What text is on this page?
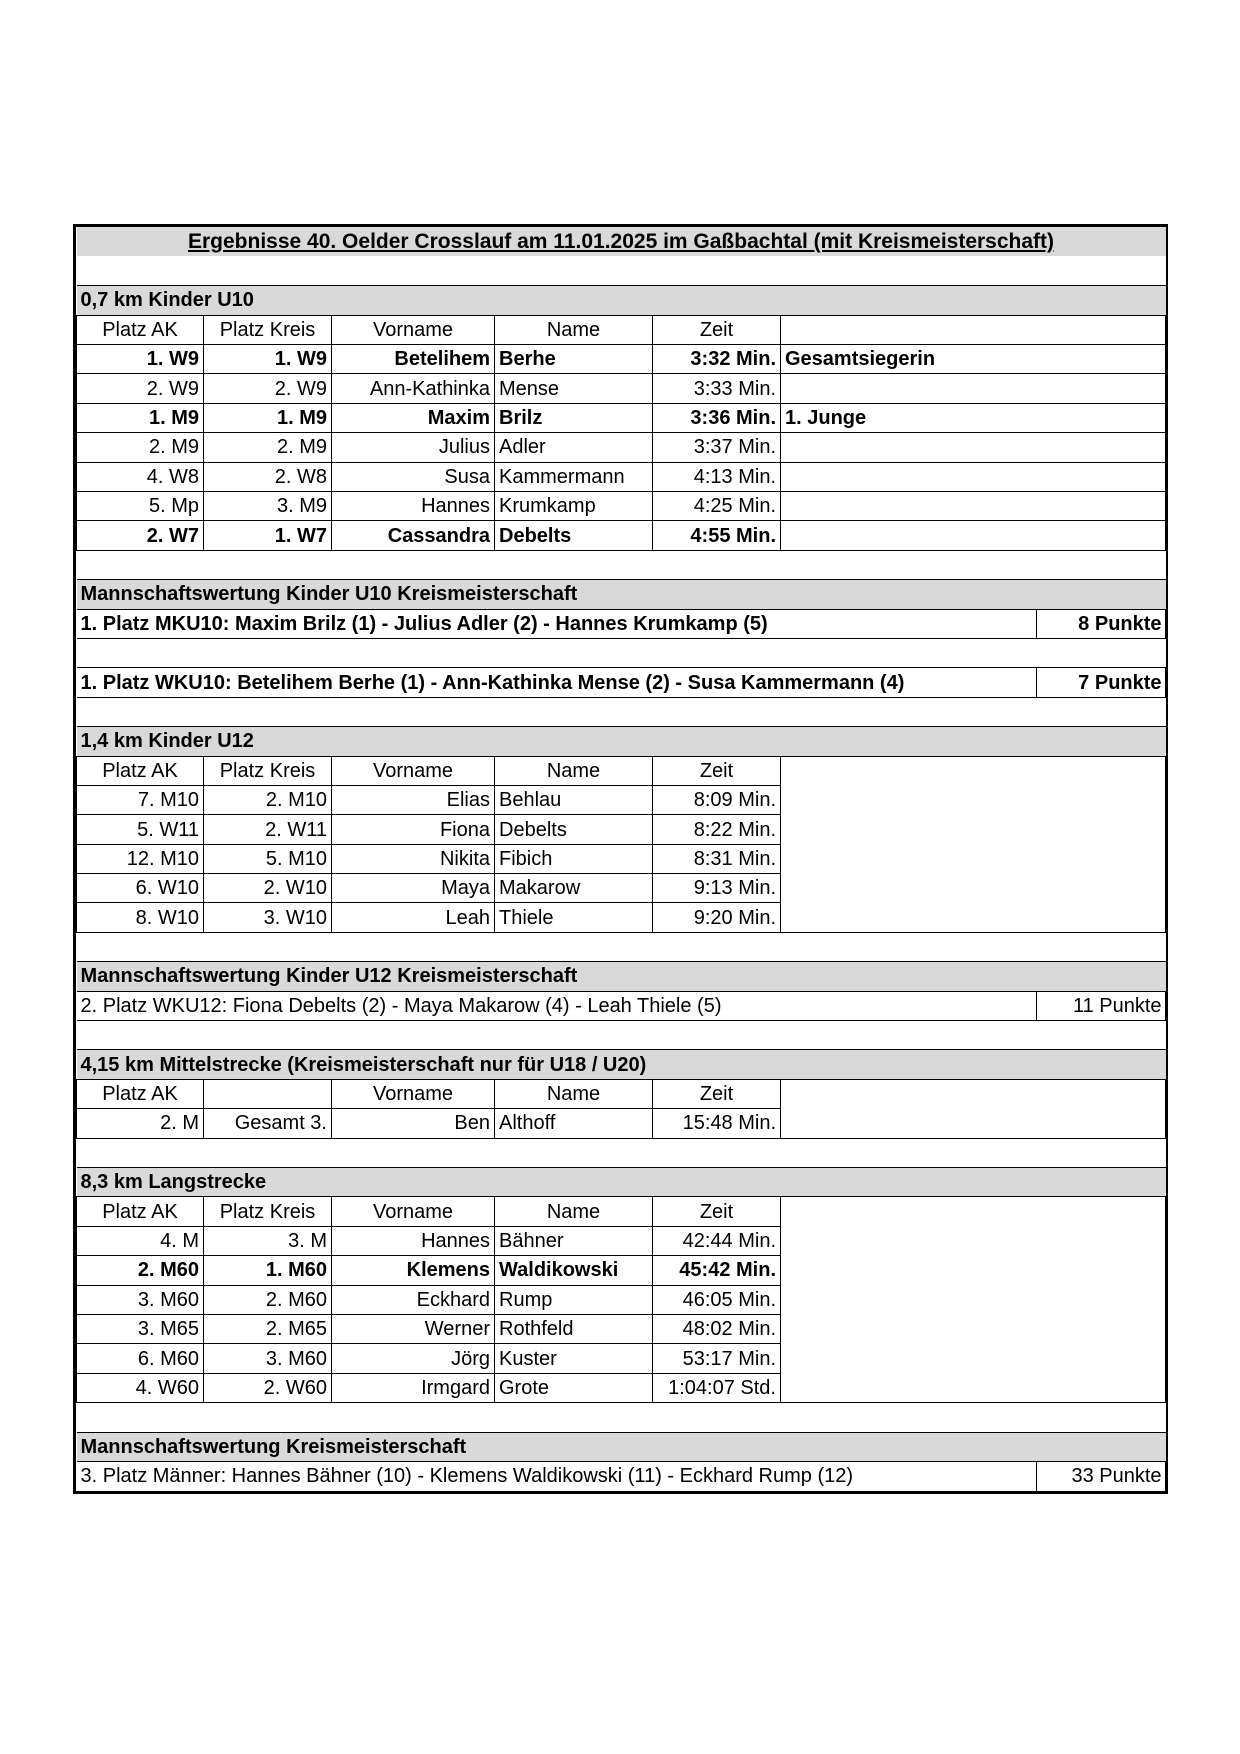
Ergebnisse 40. Oelder Crosslauf am 11.01.2025 im Gaßbachtal (mit Kreismeisterschaft)						

0,7 km Kinder U10						
Platz AK	Platz Kreis	Vorname	Name	Zeit		
1. W9	1. W9	Betelihem	Berhe	3:32 Min.	Gesamtsiegerin	
2. W9	2. W9	Ann-Kathinka	Mense	3:33 Min.		
1. M9	1. M9	Maxim	Brilz	3:36 Min.	1. Junge	
2. M9	2. M9	Julius	Adler	3:37 Min.		
4. W8	2. W8	Susa	Kammermann	4:13 Min.		
5. Mp	3. M9	Hannes	Krumkamp	4:25 Min.		
2. W7	1. W7	Cassandra	Debelts	4:55 Min.		

Mannschaftswertung Kinder U10 Kreismeisterschaft						
1. Platz MKU10: Maxim Brilz (1) - Julius Adler (2) - Hannes Krumkamp (5)						8 Punkte

1. Platz WKU10: Betelihem Berhe (1) - Ann-Kathinka Mense (2) - Susa Kammermann (4)						7 Punkte

1,4 km Kinder U12						
Platz AK	Platz Kreis	Vorname	Name	Zeit		
7. M10	2. M10	Elias	Behlau	8:09 Min.		
5. W11	2. W11	Fiona	Debelts	8:22 Min.		
12. M10	5. M10	Nikita	Fibich	8:31 Min.		
6. W10	2. W10	Maya	Makarow	9:13 Min.		
8. W10	3. W10	Leah	Thiele	9:20 Min.		

Mannschaftswertung Kinder U12 Kreismeisterschaft						
2. Platz WKU12: Fiona Debelts (2) - Maya Makarow (4) - Leah Thiele (5)						11 Punkte

4,15 km Mittelstrecke (Kreismeisterschaft nur für U18 / U20)						
Platz AK		Vorname	Name	Zeit		
2. M	Gesamt 3.	Ben	Althoff	15:48 Min.		

8,3 km Langstrecke						
Platz AK	Platz Kreis	Vorname	Name	Zeit		
4. M	3. M	Hannes	Bähner	42:44 Min.		
2. M60	1. M60	Klemens	Waldikowski	45:42 Min.		
3. M60	2. M60	Eckhard	Rump	46:05 Min.		
3. M65	2. M65	Werner	Rothfeld	48:02 Min.		
6. M60	3. M60	Jörg	Kuster	53:17 Min.		
4. W60	2. W60	Irmgard	Grote	1:04:07 Std.		

Mannschaftswertung Kreismeisterschaft						
3. Platz Männer: Hannes Bähner (10) - Klemens Waldikowski (11) - Eckhard Rump (12)						33 Punkte
